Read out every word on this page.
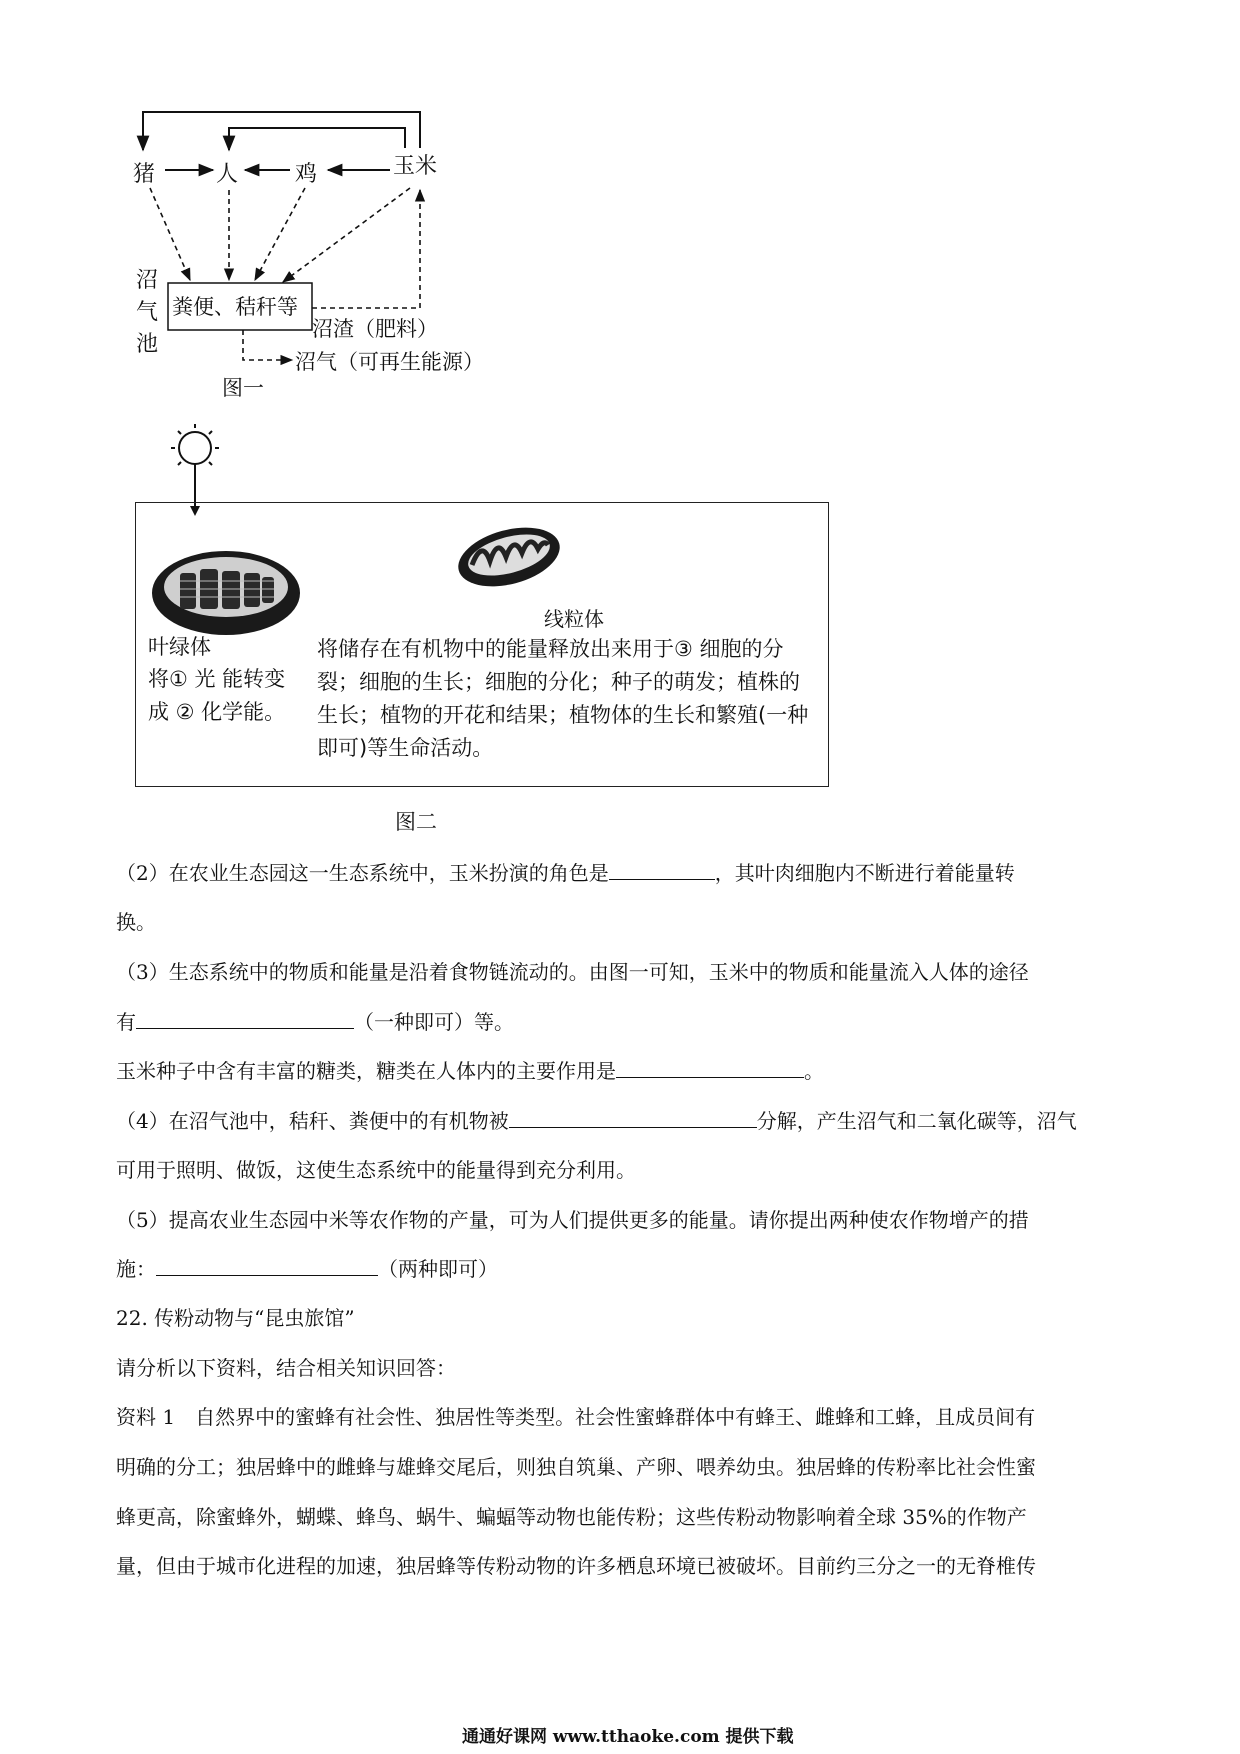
猪	人	鸡	玉米
沼
气
池
粪便、秸秆等
沼渣（肥料）
沼气（可再生能源）
图一
线粒体
叶绿体
将① 光 能转变
成 ② 化学能。
将储存在有机物中的能量释放出来用于③ 细胞的分
裂；细胞的生长；细胞的分化；种子的萌发；植株的
生长；植物的开花和结果；植物体的生长和繁殖(一种
即可)等生命活动。
图二
（2）在农业生态园这一生态系统中，玉米扮演的角色是	，其叶肉细胞内不断进行着能量转
换。
（3）生态系统中的物质和能量是沿着食物链流动的。由图一可知，玉米中的物质和能量流入人体的途径
有	（一种即可）等。
玉米种子中含有丰富的糖类，糖类在人体内的主要作用是	。
（4）在沼气池中，秸秆、粪便中的有机物被	分解，产生沼气和二氧化碳等，沼气
可用于照明、做饭，这使生态系统中的能量得到充分利用。
（5）提高农业生态园中米等农作物的产量，可为人们提供更多的能量。请你提出两种使农作物增产的措
施：	（两种即可）
22. 传粉动物与“昆虫旅馆”
请分析以下资料，结合相关知识回答：
资料 1　自然界中的蜜蜂有社会性、独居性等类型。社会性蜜蜂群体中有蜂王、雌蜂和工蜂，且成员间有
明确的分工；独居蜂中的雌蜂与雄蜂交尾后，则独自筑巢、产卵、喂养幼虫。独居蜂的传粉率比社会性蜜
蜂更高，除蜜蜂外，蝴蝶、蜂鸟、蜗牛、蝙蝠等动物也能传粉；这些传粉动物影响着全球 35%的作物产
量，但由于城市化进程的加速，独居蜂等传粉动物的许多栖息环境已被破坏。目前约三分之一的无脊椎传
通通好课网 www.tthaoke.com 提供下载
